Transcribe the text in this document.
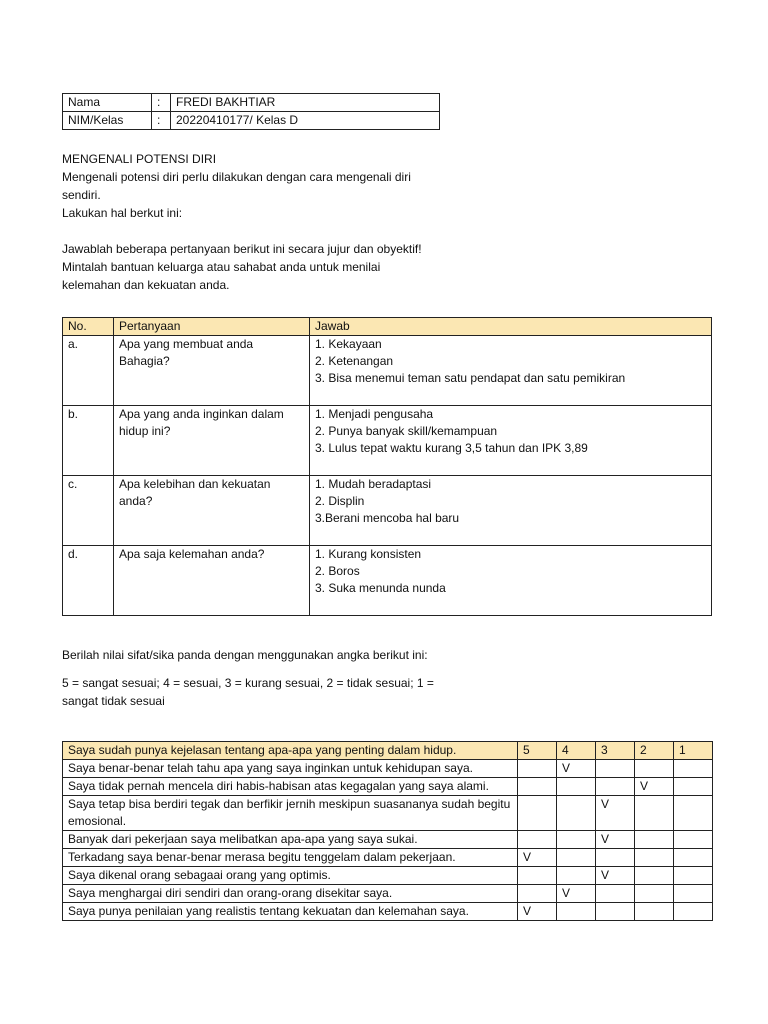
Nama	:	FREDI BAKHTIAR
NIM/Kelas	:	20220410177/ Kelas D
MENGENALI POTENSI DIRI
Mengenali potensi diri perlu dilakukan dengan cara mengenali diri sendiri.
Lakukan hal berkut ini:
Jawablah beberapa pertanyaan berikut ini secara jujur dan obyektif!
Mintalah bantuan keluarga atau sahabat anda untuk menilai kelemahan dan kekuatan anda.
No.	Pertanyaan	Jawab
a.	Apa yang membuat anda Bahagia?	1. Kekayaan
2. Ketenangan
3. Bisa menemui teman satu pendapat dan satu pemikiran

b.	Apa yang anda inginkan dalam hidup ini?	1. Menjadi pengusaha
2. Punya banyak skill/kemampuan
3. Lulus tepat waktu kurang 3,5 tahun dan IPK 3,89

c.	Apa kelebihan dan kekuatan anda?	1. Mudah beradaptasi
2. Displin
3.Berani mencoba hal baru

d.	Apa saja kelemahan anda?	1. Kurang konsisten
2. Boros
3. Suka menunda nunda
Berilah nilai sifat/sika panda dengan menggunakan angka berikut ini:
5 = sangat sesuai; 4 = sesuai, 3 = kurang sesuai, 2 = tidak sesuai; 1 = sangat tidak sesuai
Saya sudah punya kejelasan tentang apa-apa yang penting dalam hidup.	5	4	3	2	1
Saya benar-benar telah tahu apa yang saya inginkan untuk kehidupan saya.		V			
Saya tidak pernah mencela diri habis-habisan atas kegagalan yang saya alami.				V	
Saya tetap bisa berdiri tegak dan berfikir jernih meskipun suasananya sudah begitu emosional.			V		
Banyak dari pekerjaan saya melibatkan apa-apa yang saya sukai.			V		
Terkadang saya benar-benar merasa begitu tenggelam dalam pekerjaan.	V				
Saya dikenal orang sebagaai orang yang optimis.			V		
Saya menghargai diri sendiri dan orang-orang disekitar saya.		V			
Saya punya penilaian yang realistis tentang kekuatan dan kelemahan saya.	V				
